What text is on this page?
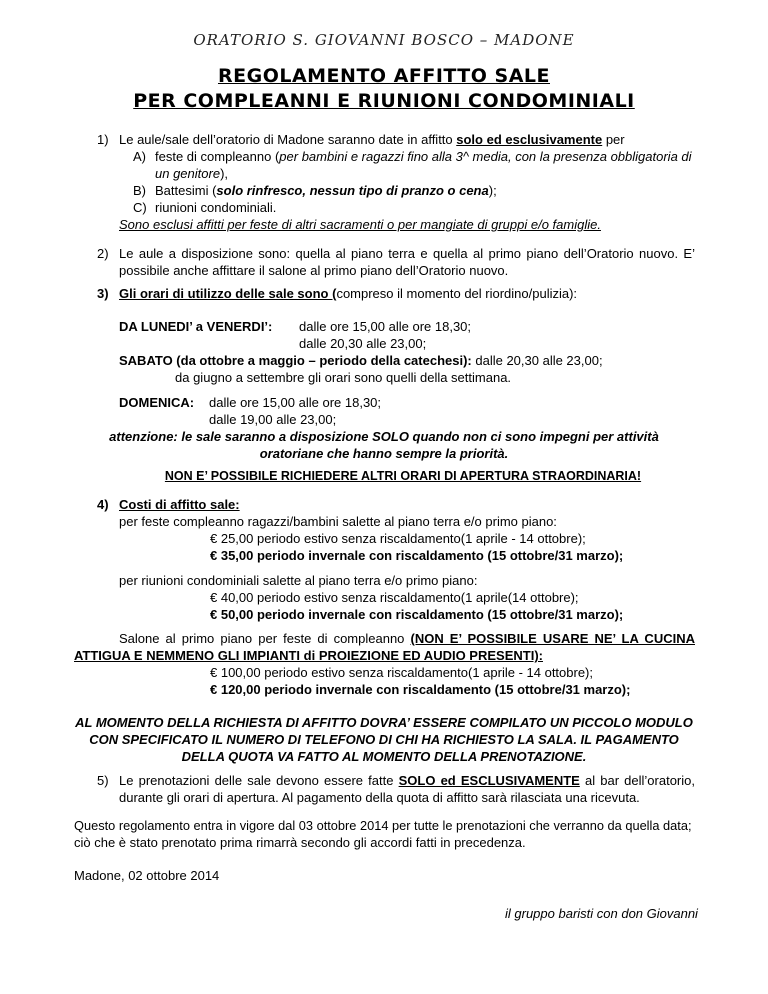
ORATORIO S. GIOVANNI BOSCO – MADONE
REGOLAMENTO AFFITTO SALE
PER COMPLEANNI E RIUNIONI CONDOMINIALI
1) Le aule/sale dell’oratorio di Madone saranno date in affitto solo ed esclusivamente per
A) feste di compleanno (per bambini e ragazzi fino alla 3^ media, con la presenza obbligatoria di
un genitore),
B) Battesimi (solo rinfresco, nessun tipo di pranzo o cena);
C) riunioni condominiali.
Sono esclusi affitti per feste di altri sacramenti o per mangiate di gruppi e/o famiglie.
2) Le aule a disposizione sono: quella al piano terra e quella al primo piano dell’Oratorio nuovo. E’
possibile anche affittare il salone al primo piano dell’Oratorio nuovo.
3) Gli orari di utilizzo delle sale sono (compreso il momento del riordino/pulizia):
DA LUNEDI’ a VENERDI’: dalle ore 15,00 alle ore 18,30;
dalle 20,30 alle 23,00;
SABATO (da ottobre a maggio – periodo della catechesi): dalle 20,30 alle 23,00;
da giugno a settembre gli orari sono quelli della settimana.
DOMENICA: dalle ore 15,00 alle ore 18,30;
dalle 19,00 alle 23,00;
attenzione: le sale saranno a disposizione SOLO quando non ci sono impegni per attività
oratoriane che hanno sempre la priorità.
NON E’ POSSIBILE RICHIEDERE ALTRI ORARI DI APERTURA STRAORDINARIA!
4) Costi di affitto sale:
per feste compleanno ragazzi/bambini salette al piano terra e/o primo piano:
€ 25,00 periodo estivo senza riscaldamento(1 aprile - 14 ottobre);
€ 35,00 periodo invernale con riscaldamento (15 ottobre/31 marzo);
per riunioni condominiali salette al piano terra e/o primo piano:
€ 40,00 periodo estivo senza riscaldamento(1 aprile(14 ottobre);
€ 50,00 periodo invernale con riscaldamento (15 ottobre/31 marzo);
Salone al primo piano per feste di compleanno (NON E’ POSSIBILE USARE NE’ LA CUCINA
ATTIGUA E NEMMENO GLI IMPIANTI di PROIEZIONE ED AUDIO PRESENTI):
€ 100,00 periodo estivo senza riscaldamento(1 aprile - 14 ottobre);
€ 120,00 periodo invernale con riscaldamento (15 ottobre/31 marzo);
AL MOMENTO DELLA RICHIESTA DI AFFITTO DOVRA’ ESSERE COMPILATO UN PICCOLO MODULO
CON SPECIFICATO IL NUMERO DI TELEFONO DI CHI HA RICHIESTO LA SALA. IL PAGAMENTO
DELLA QUOTA VA FATTO AL MOMENTO DELLA PRENOTAZIONE.
5) Le prenotazioni delle sale devono essere fatte SOLO ed ESCLUSIVAMENTE al bar dell’oratorio,
durante gli orari di apertura. Al pagamento della quota di affitto sarà rilasciata una ricevuta.
Questo regolamento entra in vigore dal 03 ottobre 2014 per tutte le prenotazioni che verranno da quella data;
ciò che è stato prenotato prima rimarrà secondo gli accordi fatti in precedenza.
Madone, 02 ottobre 2014
il gruppo baristi con don Giovanni
